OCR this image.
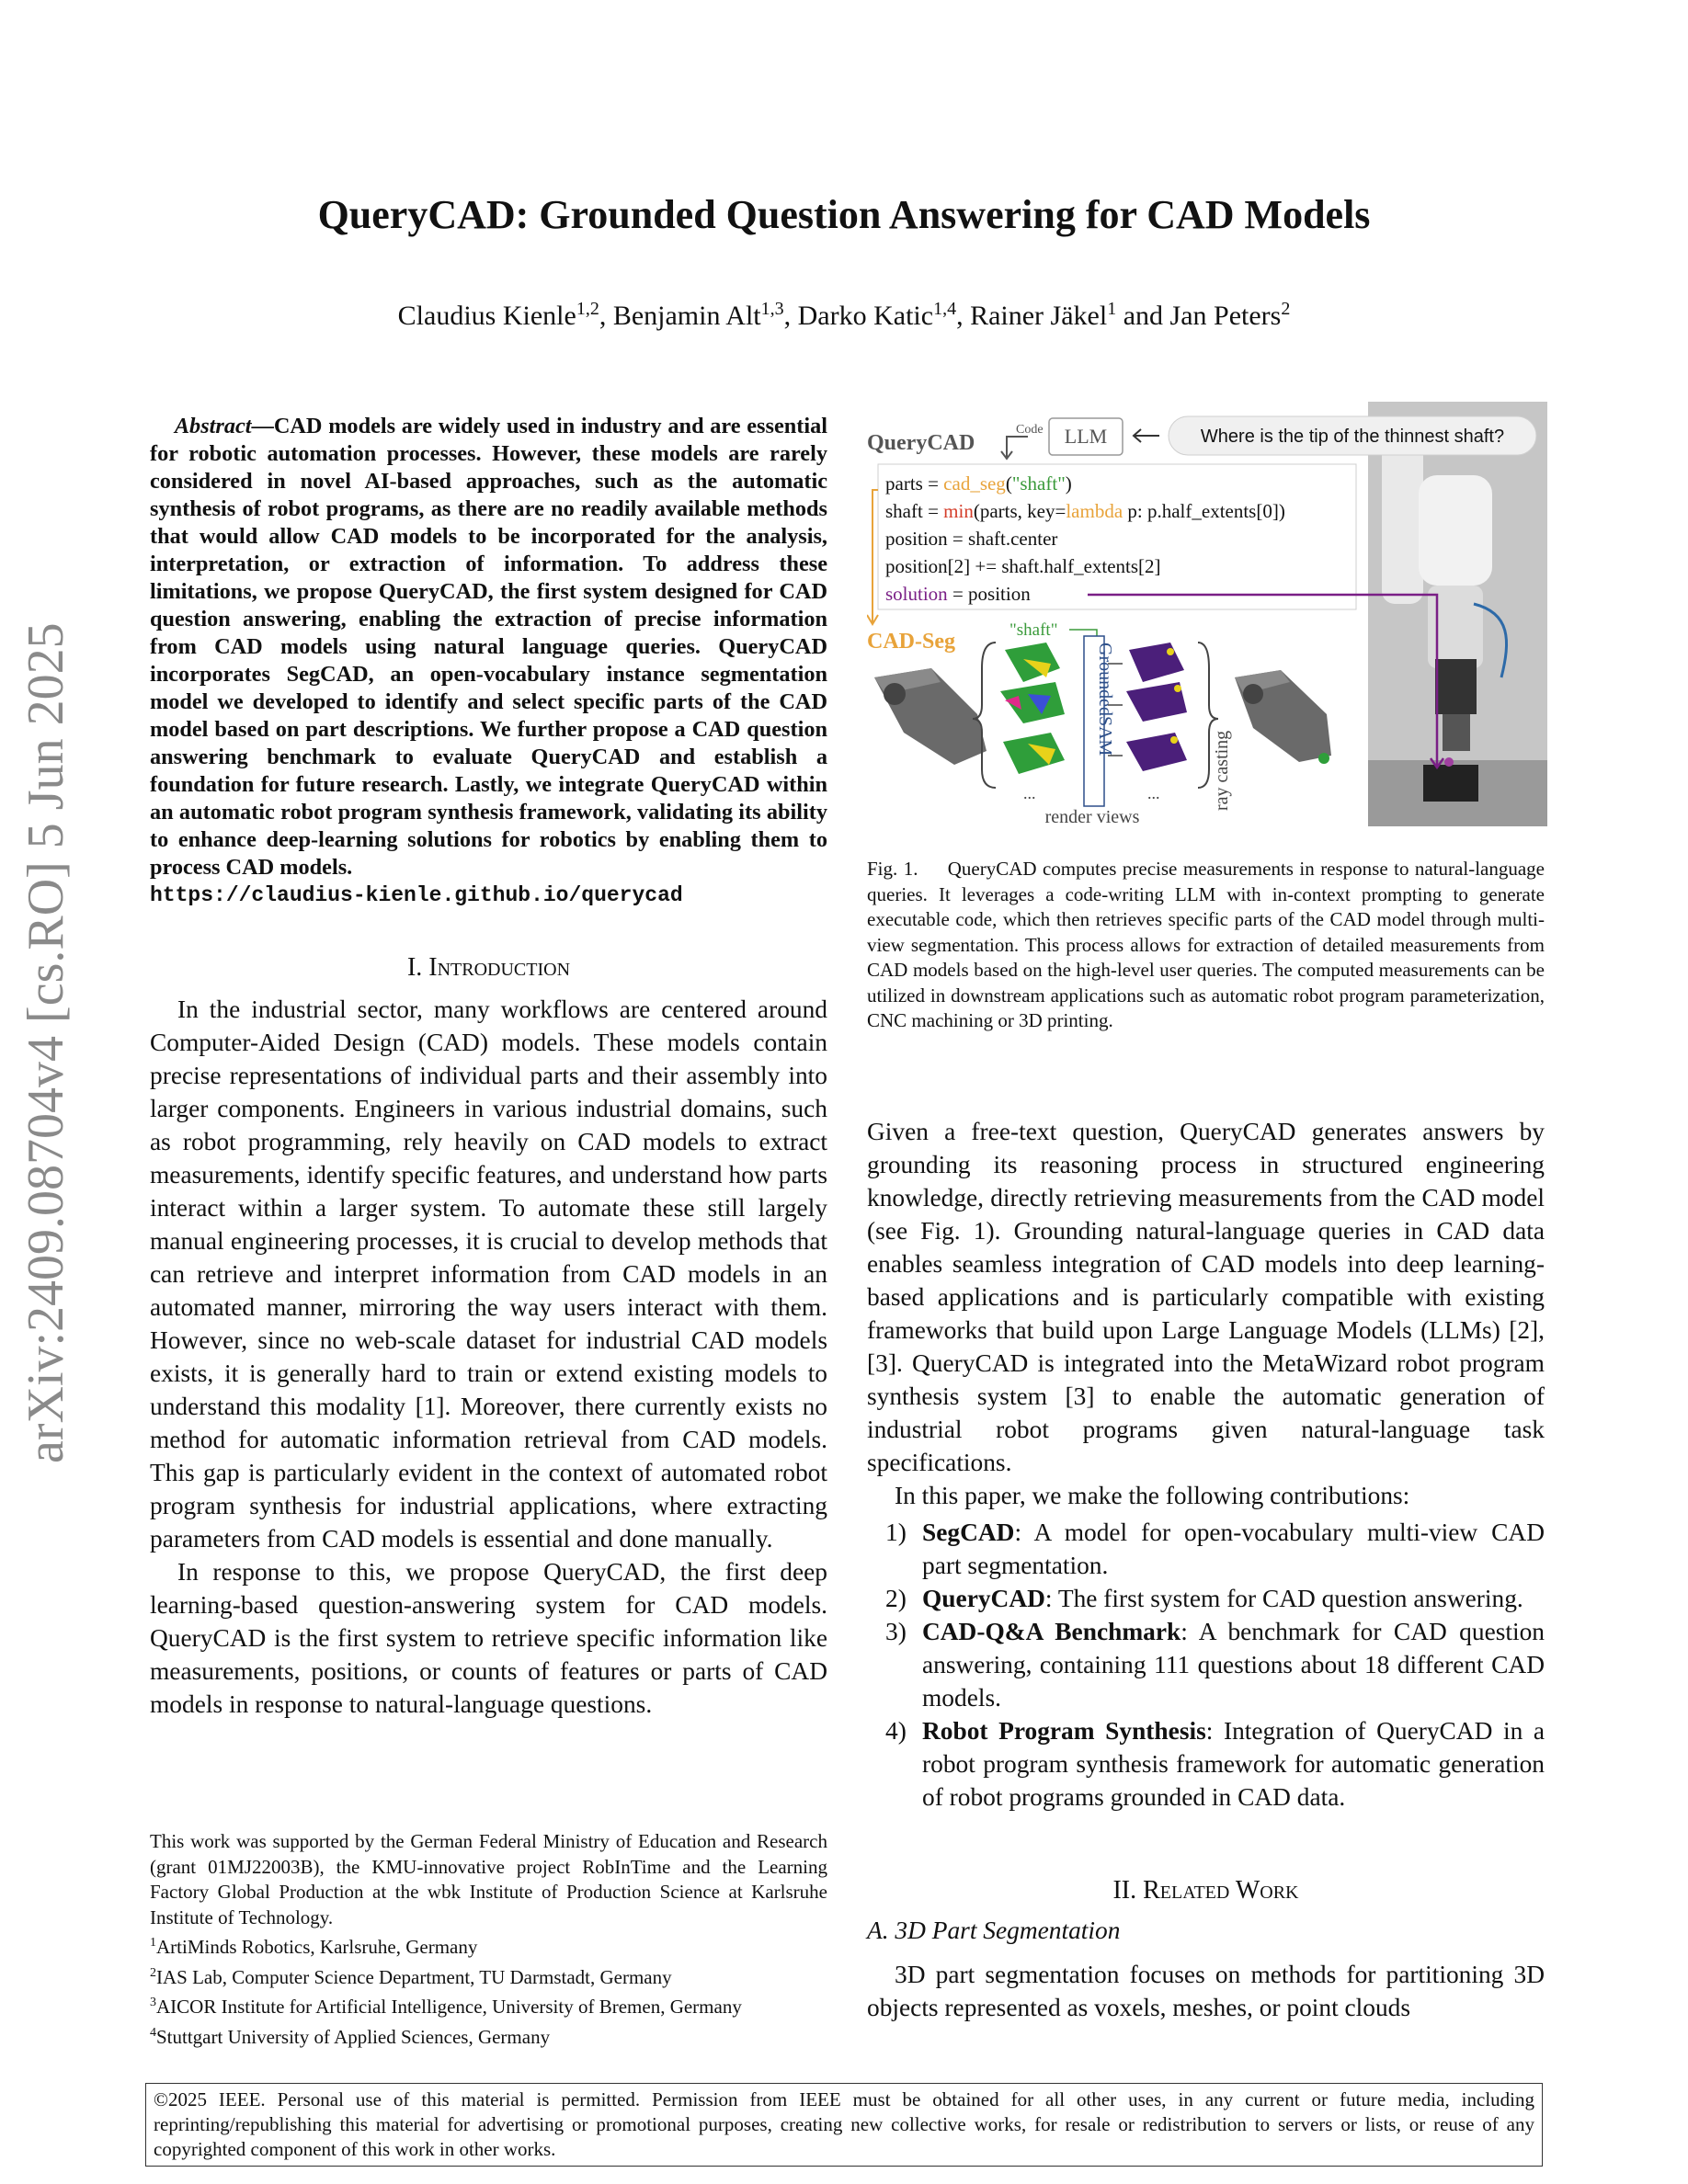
QueryCAD: Grounded Question Answering for CAD Models
Claudius Kienle$^{1,2}$, Benjamin Alt$^{1,3}$, Darko Katic$^{1,4}$, Rainer Jäkel$^1$ and Jan Peters$^2$
arXiv:2409.08704v4 [cs.RO] 5 Jun 2025
Abstract—CAD models are widely used in industry and are essential for robotic automation processes. However, these models are rarely considered in novel AI-based approaches, such as the automatic synthesis of robot programs, as there are no readily available methods that would allow CAD models to be incorporated for the analysis, interpretation, or extraction of information. To address these limitations, we propose QueryCAD, the first system designed for CAD question answering, enabling the extraction of precise information from CAD models using natural language queries. QueryCAD incorporates SegCAD, an open-vocabulary instance segmentation model we developed to identify and select specific parts of the CAD model based on part descriptions. We further propose a CAD question answering benchmark to evaluate QueryCAD and establish a foundation for future research. Lastly, we integrate QueryCAD within an automatic robot program synthesis framework, validating its ability to enhance deep-learning solutions for robotics by enabling them to process CAD models.
https://claudius-kienle.github.io/querycad
I. Introduction

In the industrial sector, many workflows are centered around Computer-Aided Design (CAD) models. These models contain precise representations of individual parts and their assembly into larger components. Engineers in various industrial domains, such as robot programming, rely heavily on CAD models to extract measurements, identify specific features, and understand how parts interact within a larger system. To automate these still largely manual engineering processes, it is crucial to develop methods that can retrieve and interpret information from CAD models in an automated manner, mirroring the way users interact with them. However, since no web-scale dataset for industrial CAD models exists, it is generally hard to train or extend existing models to understand this modality [1]. Moreover, there currently exists no method for automatic information retrieval from CAD models. This gap is particularly evident in the context of automated robot program synthesis for industrial applications, where extracting parameters from CAD models is essential and done manually.

In response to this, we propose QueryCAD, the first deep learning-based question-answering system for CAD models. QueryCAD is the first system to retrieve specific information like measurements, positions, or counts of features or parts of CAD models in response to natural-language questions.

This work was supported by the German Federal Ministry of Education and Research (grant 01MJ22003B), the KMU-innovative project RobInTime and the Learning Factory Global Production at the wbk Institute of Production Science at Karlsruhe Institute of Technology.

$^1$ArtiMinds Robotics, Karlsruhe, Germany
$^2$IAS Lab, Computer Science Department, TU Darmstadt, Germany
$^3$AICOR Institute for Artificial Intelligence, University of Bremen, Germany
$^4$Stuttgart University of Applied Sciences, Germany
QueryCAD
Code LLM	Where is the tip of the thinnest shaft?
parts = cad_seg("shaft")
shaft = min(parts, key=lambda p: p.half_extents[0])
position = shaft.center
position[2] += shaft.half_extents[2]
solution = position
CAD-Seg	"shaft"
...
GroundedSAM
...	ray casting
render views
Fig. 1. QueryCAD computes precise measurements in response to natural-language queries. It leverages a code-writing LLM with in-context prompting to generate executable code, which then retrieves specific parts of the CAD model through multi-view segmentation. This process allows for extraction of detailed measurements from CAD models based on the high-level user queries. The computed measurements can be utilized in downstream applications such as automatic robot program parameterization, CNC machining or 3D printing.

Given a free-text question, QueryCAD generates answers by grounding its reasoning process in structured engineering knowledge, directly retrieving measurements from the CAD model (see Fig. 1). Grounding natural-language queries in CAD data enables seamless integration of CAD models into deep learning-based applications and is particularly compatible with existing frameworks that build upon Large Language Models (LLMs) [2], [3]. QueryCAD is integrated into the MetaWizard robot program synthesis system [3] to enable the automatic generation of industrial robot programs given natural-language task specifications.

In this paper, we make the following contributions:

1) SegCAD: A model for open-vocabulary multi-view CAD part segmentation.
2) QueryCAD: The first system for CAD question answering.
3) CAD-Q&A Benchmark: A benchmark for CAD question answering, containing 111 questions about 18 different CAD models.
4) Robot Program Synthesis: Integration of QueryCAD in a robot program synthesis framework for automatic generation of robot programs grounded in CAD data.
II. Related Work
A. 3D Part Segmentation

3D part segmentation focuses on methods for partitioning 3D objects represented as voxels, meshes, or point clouds

©2025 IEEE. Personal use of this material is permitted. Permission from IEEE must be obtained for all other uses, in any current or future media, including reprinting/republishing this material for advertising or promotional purposes, creating new collective works, for resale or redistribution to servers or lists, or reuse of any copyrighted component of this work in other works.
